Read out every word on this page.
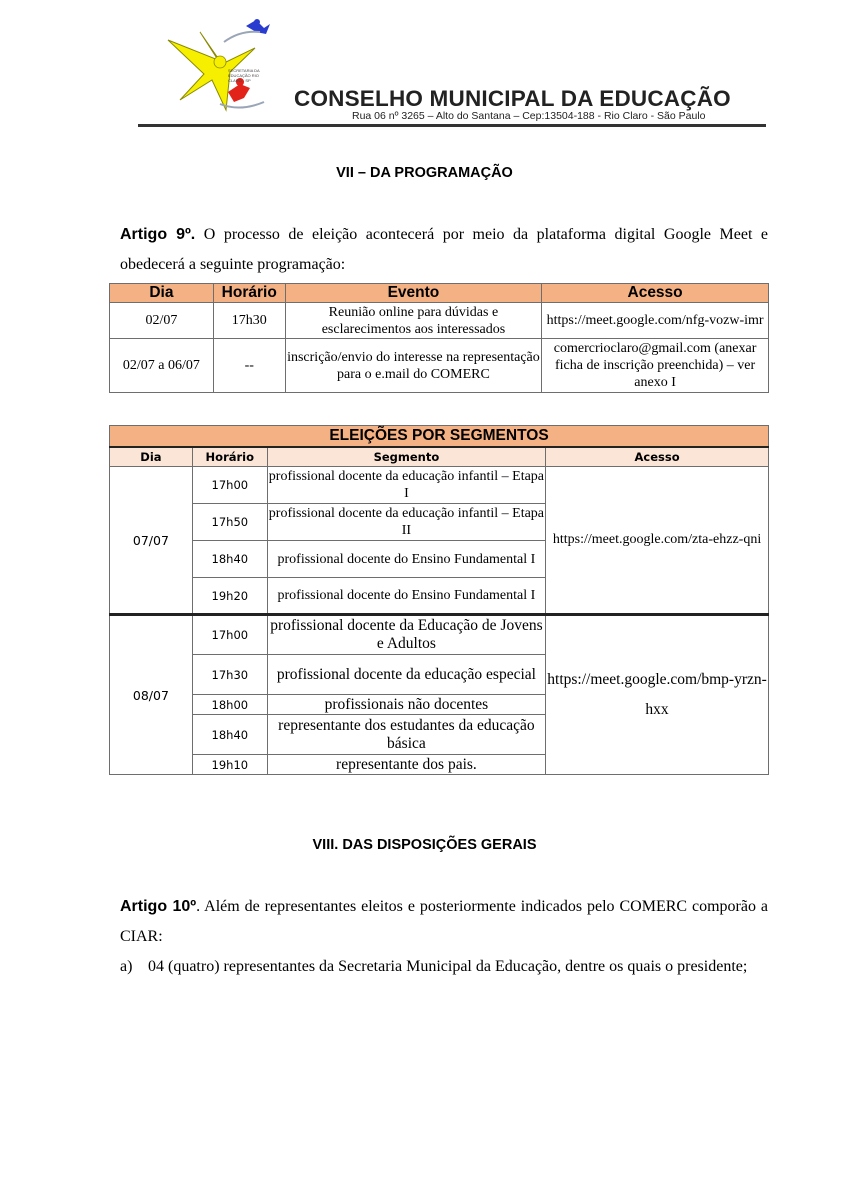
SECRETARIA DA EDUCAÇÃO RIO CLARO - SP
CONSELHO MUNICIPAL DA EDUCAÇÃO
Rua 06 nº 3265 – Alto do Santana – Cep:13504-188 - Rio Claro - São Paulo
VII – DA PROGRAMAÇÃO
Artigo 9º. O processo de eleição acontecerá por meio da plataforma digital Google Meet e obedecerá a seguinte programação:
Dia	Horário	Evento	Acesso
02/07	17h30	Reunião online para dúvidas e esclarecimentos aos interessados	https://meet.google.com/nfg-vozw-imr
02/07 a 06/07	--	inscrição/envio do interesse na representação para o e.mail do COMERC	comercrioclaro@gmail.com (anexar ficha de inscrição preenchida) – ver anexo I
ELEIÇÕES POR SEGMENTOS			
Dia	Horário	Segmento	Acesso
07/07	17h00	profissional docente da educação infantil – Etapa I	https://meet.google.com/zta-ehzz-qni
	17h50	profissional docente da educação infantil – Etapa II	
	18h40	profissional docente do Ensino Fundamental I	
	19h20	profissional docente do Ensino Fundamental I	
08/07	17h00	profissional docente da Educação de Jovens e Adultos	https://meet.google.com/bmp-yrzn-hxx
	17h30	profissional docente da educação especial	
	18h00	profissionais não docentes	
	18h40	representante dos estudantes da educação básica	
	19h10	representante dos pais.	
VIII. DAS DISPOSIÇÕES GERAIS
Artigo 10º. Além de representantes eleitos e posteriormente indicados pelo COMERC comporão a CIAR:
a) 04 (quatro) representantes da Secretaria Municipal da Educação, dentre os quais o presidente;
